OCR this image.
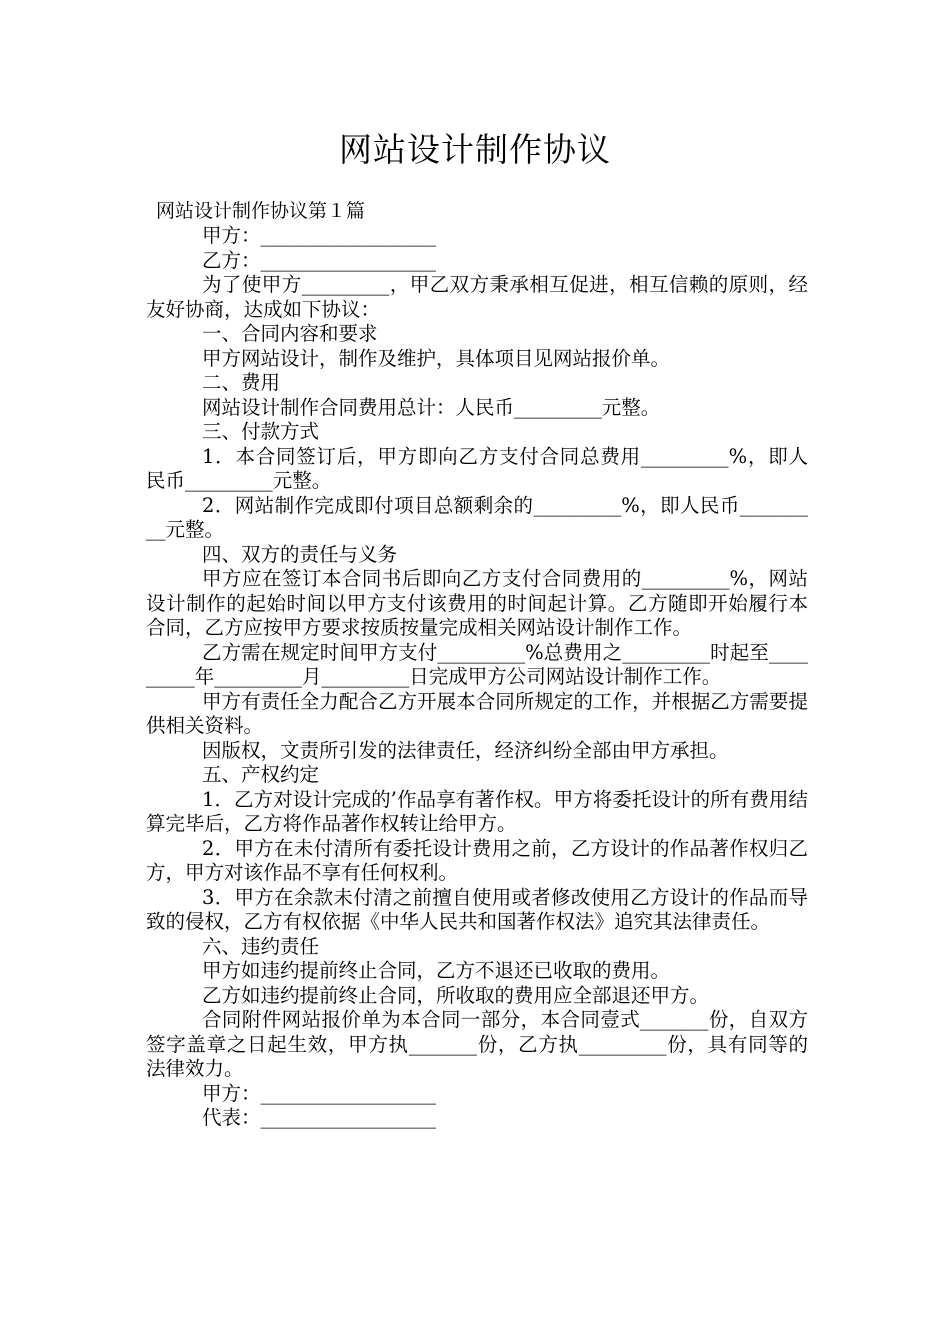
网站设计制作协议
网站设计制作协议第１篇

甲方：__________________

乙方：__________________

为了使甲方_________，甲乙双方秉承相互促进，相互信赖的原则，经友好协商，达成如下协议：

一、合同内容和要求

甲方网站设计，制作及维护，具体项目见网站报价单。

二、费用

网站设计制作合同费用总计：人民币_________元整。

三、付款方式

1．本合同签订后，甲方即向乙方支付合同总费用_________%，即人民币_________元整。

2．网站制作完成即付项目总额剩余的_________%，即人民币_________元整。

四、双方的责任与义务

甲方应在签订本合同书后即向乙方支付合同费用的_________%，网站设计制作的起始时间以甲方支付该费用的时间起计算。乙方随即开始履行本合同，乙方应按甲方要求按质按量完成相关网站设计制作工作。

乙方需在规定时间甲方支付_________%总费用之_________时起至_________年_________月_________日完成甲方公司网站设计制作工作。

甲方有责任全力配合乙方开展本合同所规定的工作，并根据乙方需要提供相关资料。

因版权，文责所引发的法律责任，经济纠纷全部由甲方承担。

五、产权约定

1．乙方对设计完成的’作品享有著作权。甲方将委托设计的所有费用结算完毕后，乙方将作品著作权转让给甲方。

2．甲方在未付清所有委托设计费用之前，乙方设计的作品著作权归乙方，甲方对该作品不享有任何权利。

3．甲方在余款未付清之前擅自使用或者修改使用乙方设计的作品而导致的侵权，乙方有权依据《中华人民共和国著作权法》追究其法律责任。

六、违约责任

甲方如违约提前终止合同，乙方不退还已收取的费用。

乙方如违约提前终止合同，所收取的费用应全部退还甲方。

合同附件网站报价单为本合同一部分，本合同壹式_______份，自双方签字盖章之日起生效，甲方执_______份，乙方执_________份，具有同等的法律效力。

甲方：__________________

代表：__________________
